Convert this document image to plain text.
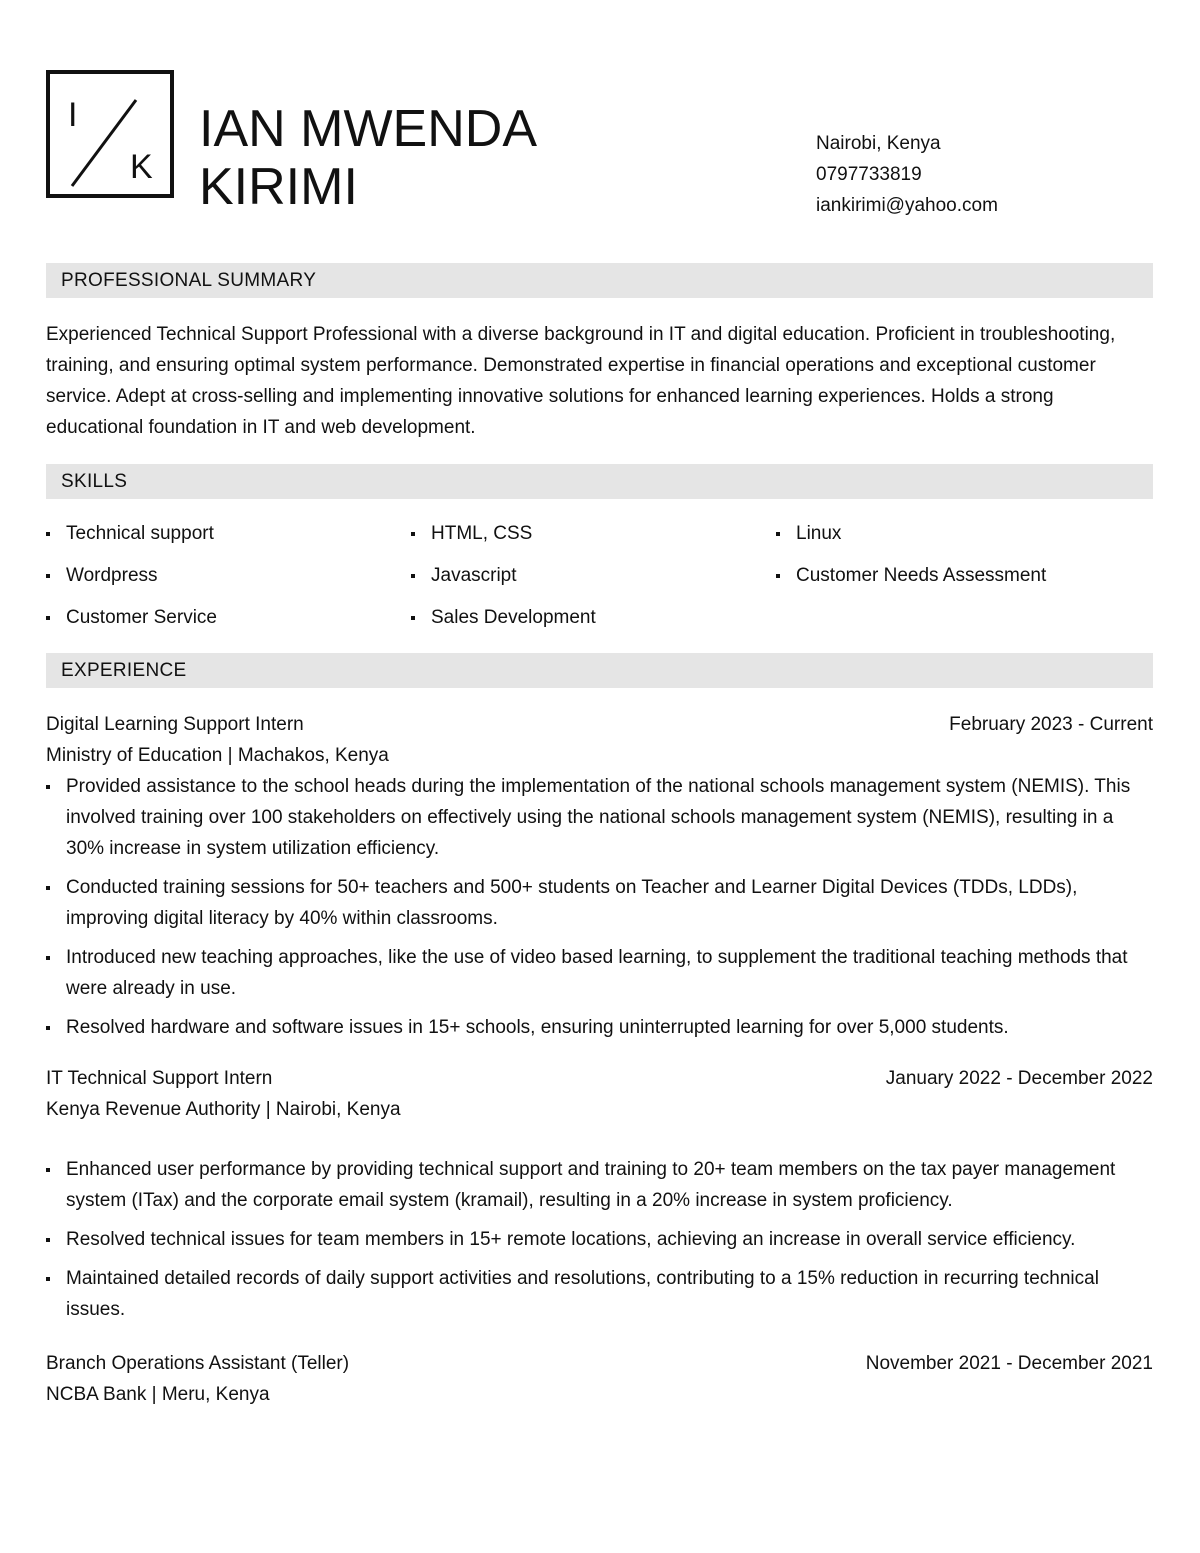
I
K
IAN MWENDA
KIRIMI
Nairobi, Kenya
0797733819
iankirimi@yahoo.com
PROFESSIONAL SUMMARY
Experienced Technical Support Professional with a diverse background in IT and digital education. Proficient in troubleshooting, training, and ensuring optimal system performance. Demonstrated expertise in financial operations and exceptional customer service. Adept at cross-selling and implementing innovative solutions for enhanced learning experiences. Holds a strong educational foundation in IT and web development.
SKILLS
Technical support	HTML, CSS	Linux
Wordpress	Javascript	Customer Needs Assessment
Customer Service	Sales Development
EXPERIENCE
Digital Learning Support Intern	February 2023 - Current
Ministry of Education | Machakos, Kenya
Provided assistance to the school heads during the implementation of the national schools management system (NEMIS). This involved training over 100 stakeholders on effectively using the national schools management system (NEMIS), resulting in a 30% increase in system utilization efficiency.
Conducted training sessions for 50+ teachers and 500+ students on Teacher and Learner Digital Devices (TDDs, LDDs), improving digital literacy by 40% within classrooms.
Introduced new teaching approaches, like the use of video based learning, to supplement the traditional teaching methods that were already in use.
Resolved hardware and software issues in 15+ schools, ensuring uninterrupted learning for over 5,000 students.
IT Technical Support Intern	January 2022 - December 2022
Kenya Revenue Authority | Nairobi, Kenya
Enhanced user performance by providing technical support and training to 20+ team members on the tax payer management system (ITax) and the corporate email system (kramail), resulting in a 20% increase in system proficiency.
Resolved technical issues for team members in 15+ remote locations, achieving an increase in overall service efficiency.
Maintained detailed records of daily support activities and resolutions, contributing to a 15% reduction in recurring technical issues.
Branch Operations Assistant (Teller)	November 2021 - December 2021
NCBA Bank | Meru, Kenya
